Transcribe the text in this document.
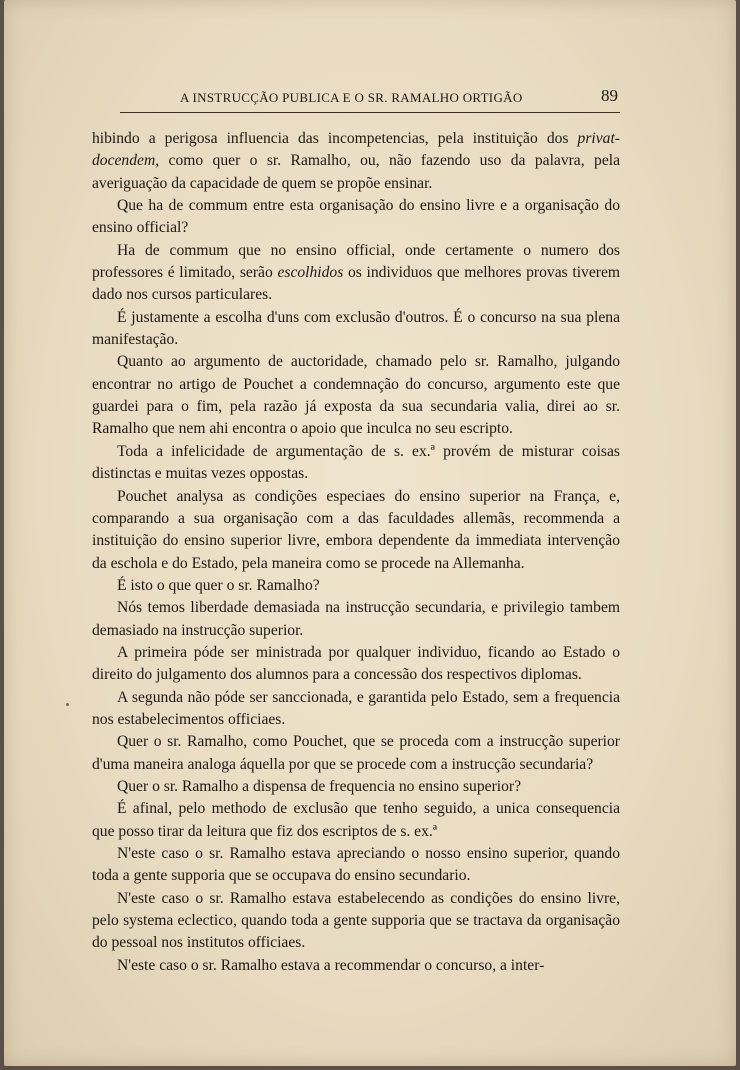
A INSTRUCÇÃO PUBLICA E O SR. RAMALHO ORTIGÃO	89

hibindo a perigosa influencia das incompetencias, pela instituição dos privat-docendem, como quer o sr. Ramalho, ou, não fazendo uso da palavra, pela averiguação da capacidade de quem se propõe ensinar.

Que ha de commum entre esta organisação do ensino livre e a organisação do ensino official?

Ha de commum que no ensino official, onde certamente o numero dos professores é limitado, serão escolhidos os individuos que melhores provas tiverem dado nos cursos particulares.

É justamente a escolha d'uns com exclusão d'outros. É o concurso na sua plena manifestação.

Quanto ao argumento de auctoridade, chamado pelo sr. Ramalho, julgando encontrar no artigo de Pouchet a condemnação do concurso, argumento este que guardei para o fim, pela razão já exposta da sua secundaria valia, direi ao sr. Ramalho que nem ahi encontra o apoio que inculca no seu escripto.

Toda a infelicidade de argumentação de s. ex.ª provém de misturar coisas distinctas e muitas vezes oppostas.

Pouchet analysa as condições especiaes do ensino superior na França, e, comparando a sua organisação com a das faculdades allemãs, recommenda a instituição do ensino superior livre, embora dependente da immediata intervenção da eschola e do Estado, pela maneira como se procede na Allemanha.

É isto o que quer o sr. Ramalho?

Nós temos liberdade demasiada na instrucção secundaria, e privilegio tambem demasiado na instrucção superior.

A primeira póde ser ministrada por qualquer individuo, ficando ao Estado o direito do julgamento dos alumnos para a concessão dos respectivos diplomas.

A segunda não póde ser sanccionada, e garantida pelo Estado, sem a frequencia nos estabelecimentos officiaes.

Quer o sr. Ramalho, como Pouchet, que se proceda com a instrucção superior d'uma maneira analoga áquella por que se procede com a instrucção secundaria?

Quer o sr. Ramalho a dispensa de frequencia no ensino superior?

É afinal, pelo methodo de exclusão que tenho seguido, a unica consequencia que posso tirar da leitura que fiz dos escriptos de s. ex.ª

N'este caso o sr. Ramalho estava apreciando o nosso ensino superior, quando toda a gente supporia que se occupava do ensino secundario.

N'este caso o sr. Ramalho estava estabelecendo as condições do ensino livre, pelo systema eclectico, quando toda a gente supporia que se tractava da organisação do pessoal nos institutos officiaes.

N'este caso o sr. Ramalho estava a recommendar o concurso, a inter-
